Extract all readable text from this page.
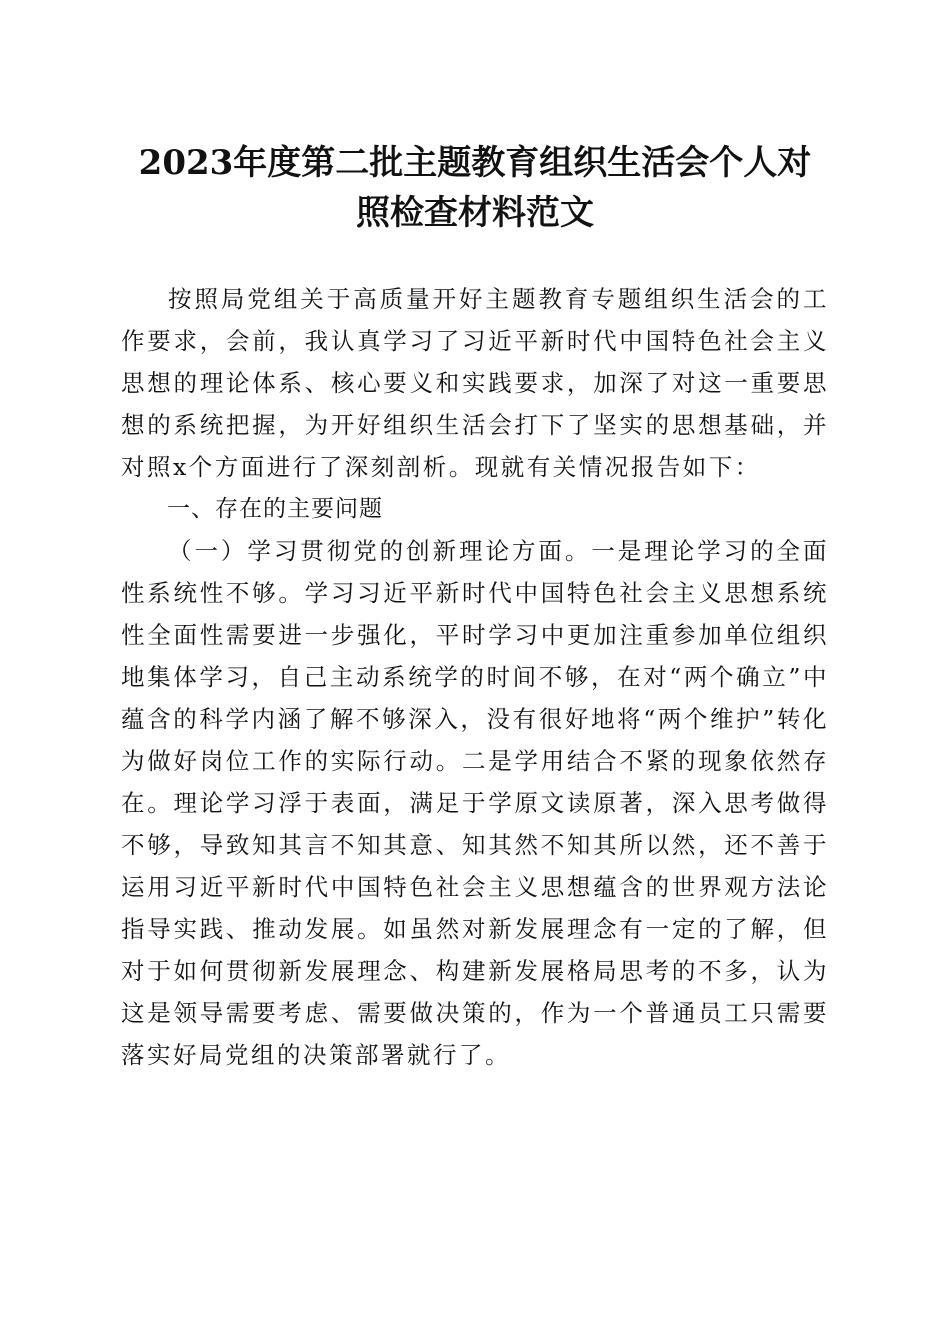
2023年度第二批主题教育组织生活会个人对
照检查材料范文

按照局党组关于高质量开好主题教育专题组织生活会的工作要求，会前，我认真学习了习近平新时代中国特色社会主义思想的理论体系、核心要义和实践要求，加深了对这一重要思想的系统把握，为开好组织生活会打下了坚实的思想基础，并对照x个方面进行了深刻剖析。现就有关情况报告如下：

一、存在的主要问题

（一）学习贯彻党的创新理论方面。一是理论学习的全面性系统性不够。学习习近平新时代中国特色社会主义思想系统性全面性需要进一步强化，平时学习中更加注重参加单位组织地集体学习，自己主动系统学的时间不够，在对“两个确立”中蕴含的科学内涵了解不够深入，没有很好地将“两个维护”转化为做好岗位工作的实际行动。二是学用结合不紧的现象依然存在。理论学习浮于表面，满足于学原文读原著，深入思考做得不够，导致知其言不知其意、知其然不知其所以然，还不善于运用习近平新时代中国特色社会主义思想蕴含的世界观方法论指导实践、推动发展。如虽然对新发展理念有一定的了解，但对于如何贯彻新发展理念、构建新发展格局思考的不多，认为这是领导需要考虑、需要做决策的，作为一个普通员工只需要落实好局党组的决策部署就行了。
